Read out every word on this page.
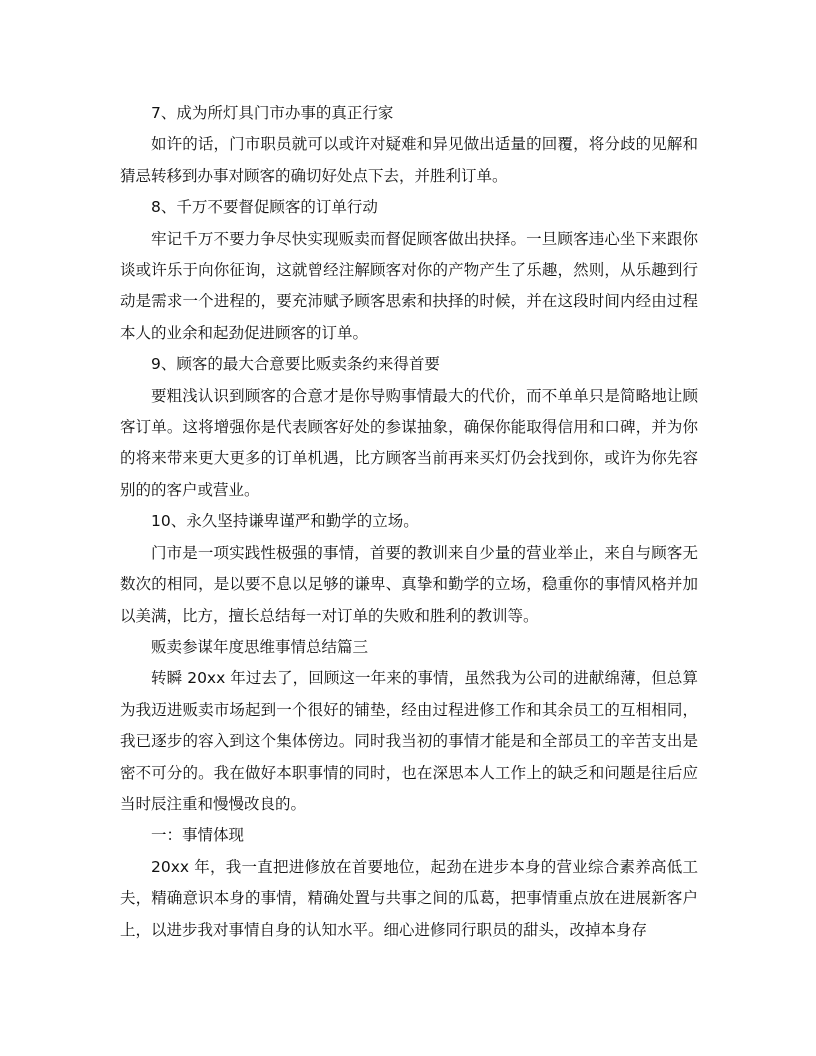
7、成为所灯具门市办事的真正行家

如许的话，门市职员就可以或许对疑难和异见做出适量的回覆，将分歧的见解和猜忌转移到办事对顾客的确切好处点下去，并胜利订单。

8、千万不要督促顾客的订单行动

牢记千万不要力争尽快实现贩卖而督促顾客做出抉择。一旦顾客违心坐下来跟你谈或许乐于向你征询，这就曾经注解顾客对你的产物产生了乐趣，然则，从乐趣到行动是需求一个进程的，要充沛赋予顾客思索和抉择的时候，并在这段时间内经由过程本人的业余和起劲促进顾客的订单。

9、顾客的最大合意要比贩卖条约来得首要

要粗浅认识到顾客的合意才是你导购事情最大的代价，而不单单只是简略地让顾客订单。这将增强你是代表顾客好处的参谋抽象，确保你能取得信用和口碑，并为你的将来带来更大更多的订单机遇，比方顾客当前再来买灯仍会找到你，或许为你先容别的的客户或营业。

10、永久坚持谦卑谨严和勤学的立场。

门市是一项实践性极强的事情，首要的教训来自少量的营业举止，来自与顾客无数次的相同，是以要不息以足够的谦卑、真挚和勤学的立场，稳重你的事情风格并加以美满，比方，擅长总结每一对订单的失败和胜利的教训等。

贩卖参谋年度思维事情总结篇三

转瞬 20xx 年过去了，回顾这一年来的事情，虽然我为公司的进献绵薄，但总算为我迈进贩卖市场起到一个很好的铺垫，经由过程进修工作和其余员工的互相相同，我已逐步的容入到这个集体傍边。同时我当初的事情才能是和全部员工的辛苦支出是密不可分的。我在做好本职事情的同时，也在深思本人工作上的缺乏和问题是往后应当时辰注重和慢慢改良的。

一：事情体现

20xx 年，我一直把进修放在首要地位，起劲在进步本身的营业综合素养高低工夫，精确意识本身的事情，精确处置与共事之间的瓜葛，把事情重点放在进展新客户上，以进步我对事情自身的认知水平。细心进修同行职员的甜头，改掉本身存
